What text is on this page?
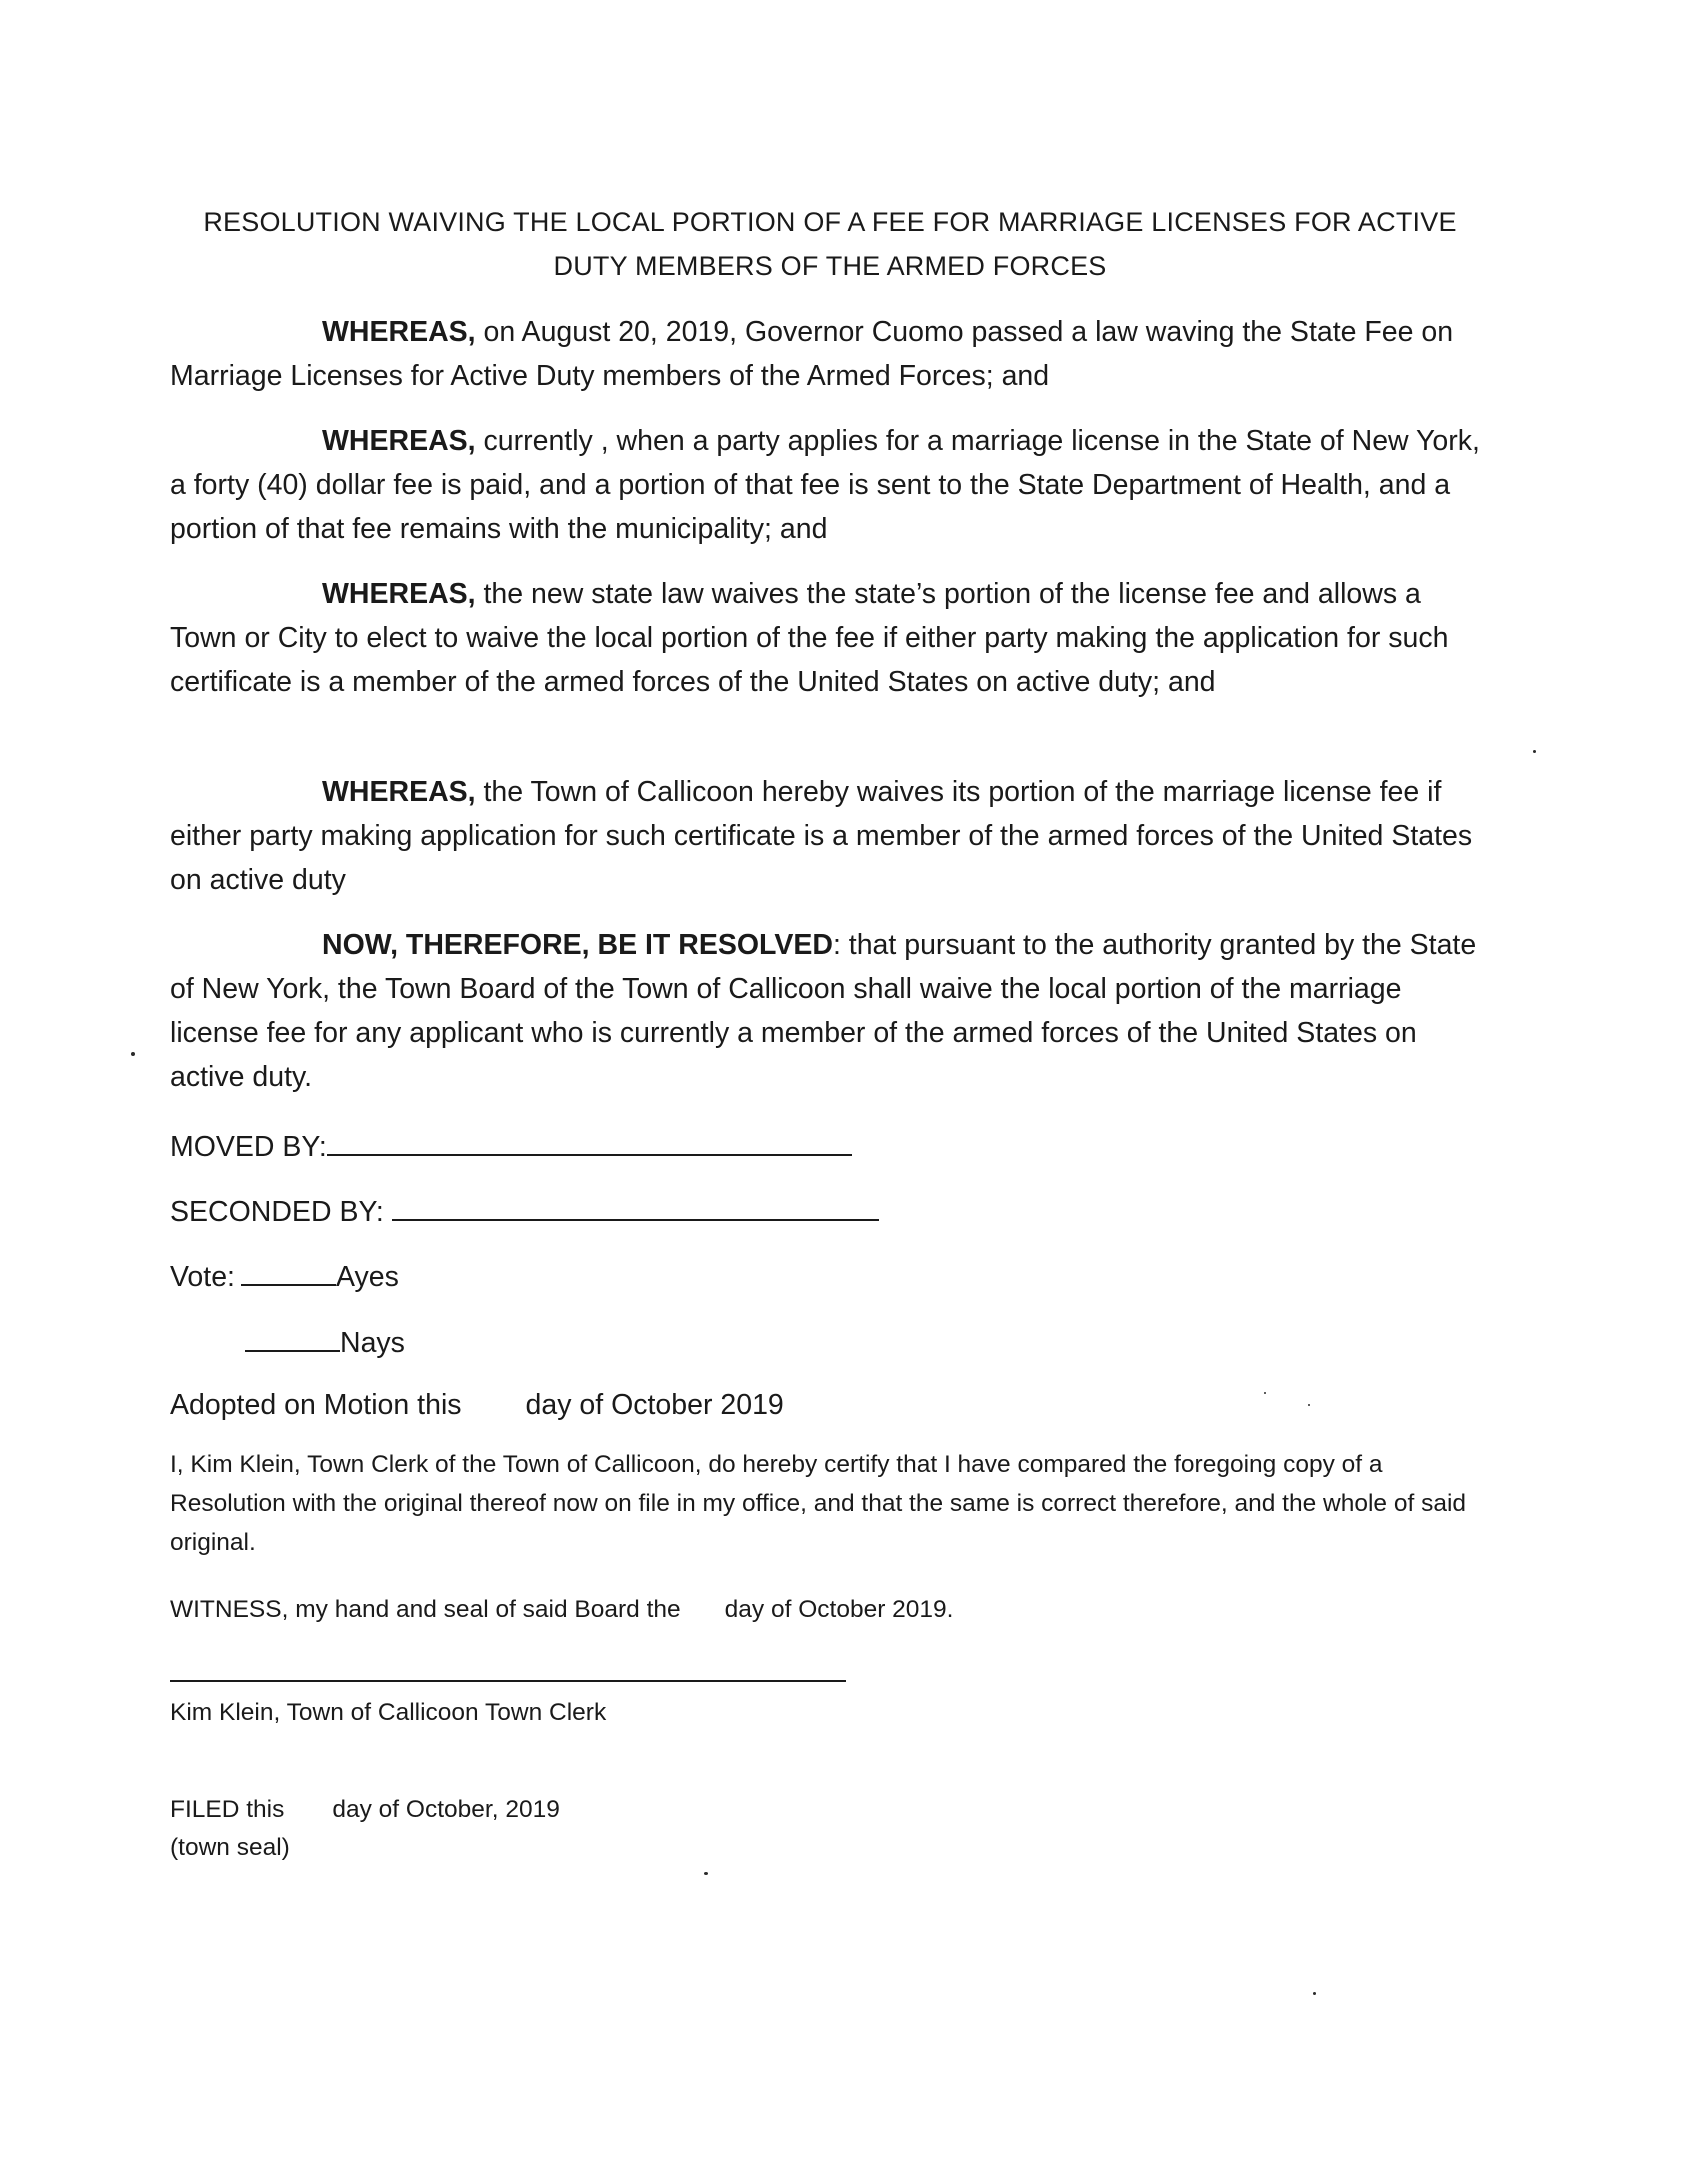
RESOLUTION WAIVING THE LOCAL PORTION OF A FEE FOR MARRIAGE LICENSES FOR ACTIVE DUTY MEMBERS OF THE ARMED FORCES
WHEREAS, on August 20, 2019, Governor Cuomo passed a law waving the State Fee on Marriage Licenses for Active Duty members of the Armed Forces; and
WHEREAS, currently , when a party applies for a marriage license in the State of New York, a forty (40) dollar fee is paid, and a portion of that fee is sent to the State Department of Health, and a portion of that fee remains with the municipality; and
WHEREAS, the new state law waives the state’s portion of the license fee and allows a Town or City to elect to waive the local portion of the fee if either party making the application for such certificate is a member of the armed forces of the United States on active duty; and
WHEREAS, the Town of Callicoon hereby waives its portion of the marriage license fee if either party making application for such certificate is a member of the armed forces of the United States on active duty
NOW, THEREFORE, BE IT RESOLVED: that pursuant to the authority granted by the State of New York, the Town Board of the Town of Callicoon shall waive the local portion of the marriage license fee for any applicant who is currently a member of the armed forces of the United States on active duty.
MOVED BY:
SECONDED BY:
Vote:	Ayes
Nays
Adopted on Motion this day of October 2019
I, Kim Klein, Town Clerk of the Town of Callicoon, do hereby certify that I have compared the foregoing copy of a Resolution with the original thereof now on file in my office, and that the same is correct therefore, and the whole of said original.
WITNESS, my hand and seal of said Board the day of October 2019.
Kim Klein, Town of Callicoon Town Clerk
FILED this day of October, 2019
(town seal)
